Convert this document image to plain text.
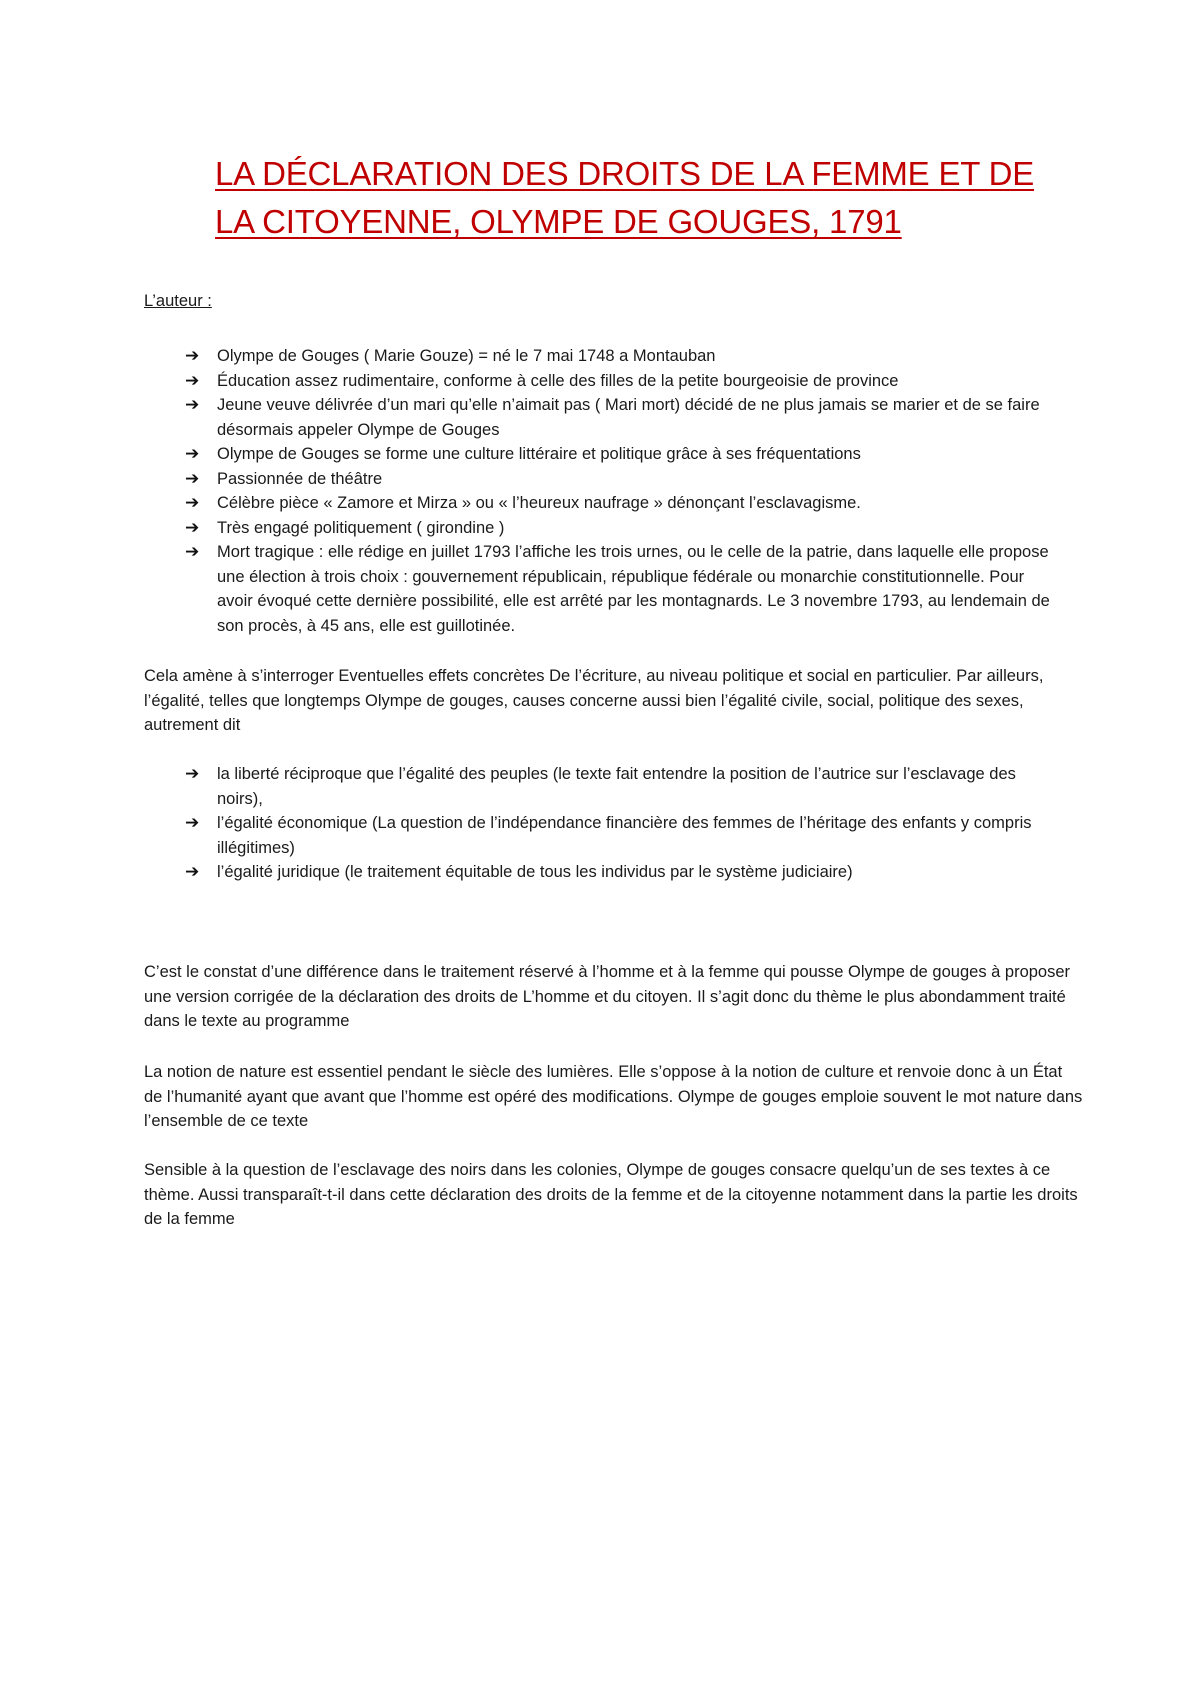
LA DÉCLARATION DES DROITS DE LA FEMME ET DE
LA CITOYENNE, OLYMPE DE GOUGES, 1791
L’auteur :
➔ Olympe de Gouges ( Marie Gouze) = né le 7 mai 1748 a Montauban
➔ Éducation assez rudimentaire, conforme à celle des filles de la petite bourgeoisie de province
➔ Jeune veuve délivrée d’un mari qu’elle n’aimait pas ( Mari mort) décidé de ne plus jamais se marier et de se faire désormais appeler Olympe de Gouges
➔ Olympe de Gouges se forme une culture littéraire et politique grâce à ses fréquentations
➔ Passionnée de théâtre
➔ Célèbre pièce « Zamore et Mirza » ou « l’heureux naufrage » dénonçant l’esclavagisme.
➔ Très engagé politiquement ( girondine )
➔ Mort tragique : elle rédige en juillet 1793 l’affiche les trois urnes, ou le celle de la patrie, dans laquelle elle propose une élection à trois choix : gouvernement républicain, république fédérale ou monarchie constitutionnelle. Pour avoir évoqué cette dernière possibilité, elle est arrêté par les montagnards. Le 3 novembre 1793, au lendemain de son procès, à 45 ans, elle est guillotinée.

Cela amène à s’interroger Eventuelles effets concrètes De l’écriture, au niveau politique et social en particulier. Par ailleurs, l’égalité, telles que longtemps Olympe de gouges, causes concerne aussi bien l’égalité civile, social, politique des sexes, autrement dit

➔ la liberté réciproque que l’égalité des peuples (le texte fait entendre la position de l’autrice sur l’esclavage des noirs),
➔ l’égalité économique (La question de l’indépendance financière des femmes de l’héritage des enfants y compris illégitimes)
➔ l’égalité juridique (le traitement équitable de tous les individus par le système judiciaire)

C’est le constat d’une différence dans le traitement réservé à l’homme et à la femme qui pousse Olympe de gouges à proposer une version corrigée de la déclaration des droits de L’homme et du citoyen. Il s’agit donc du thème le plus abondamment traité dans le texte au programme

La notion de nature est essentiel pendant le siècle des lumières. Elle s’oppose à la notion de culture et renvoie donc à un État de l’humanité ayant que avant que l’homme est opéré des modifications. Olympe de gouges emploie souvent le mot nature dans l’ensemble de ce texte

Sensible à la question de l’esclavage des noirs dans les colonies, Olympe de gouges consacre quelqu’un de ses textes à ce thème. Aussi transparaît-t-il dans cette déclaration des droits de la femme et de la citoyenne notamment dans la partie les droits de la femme
